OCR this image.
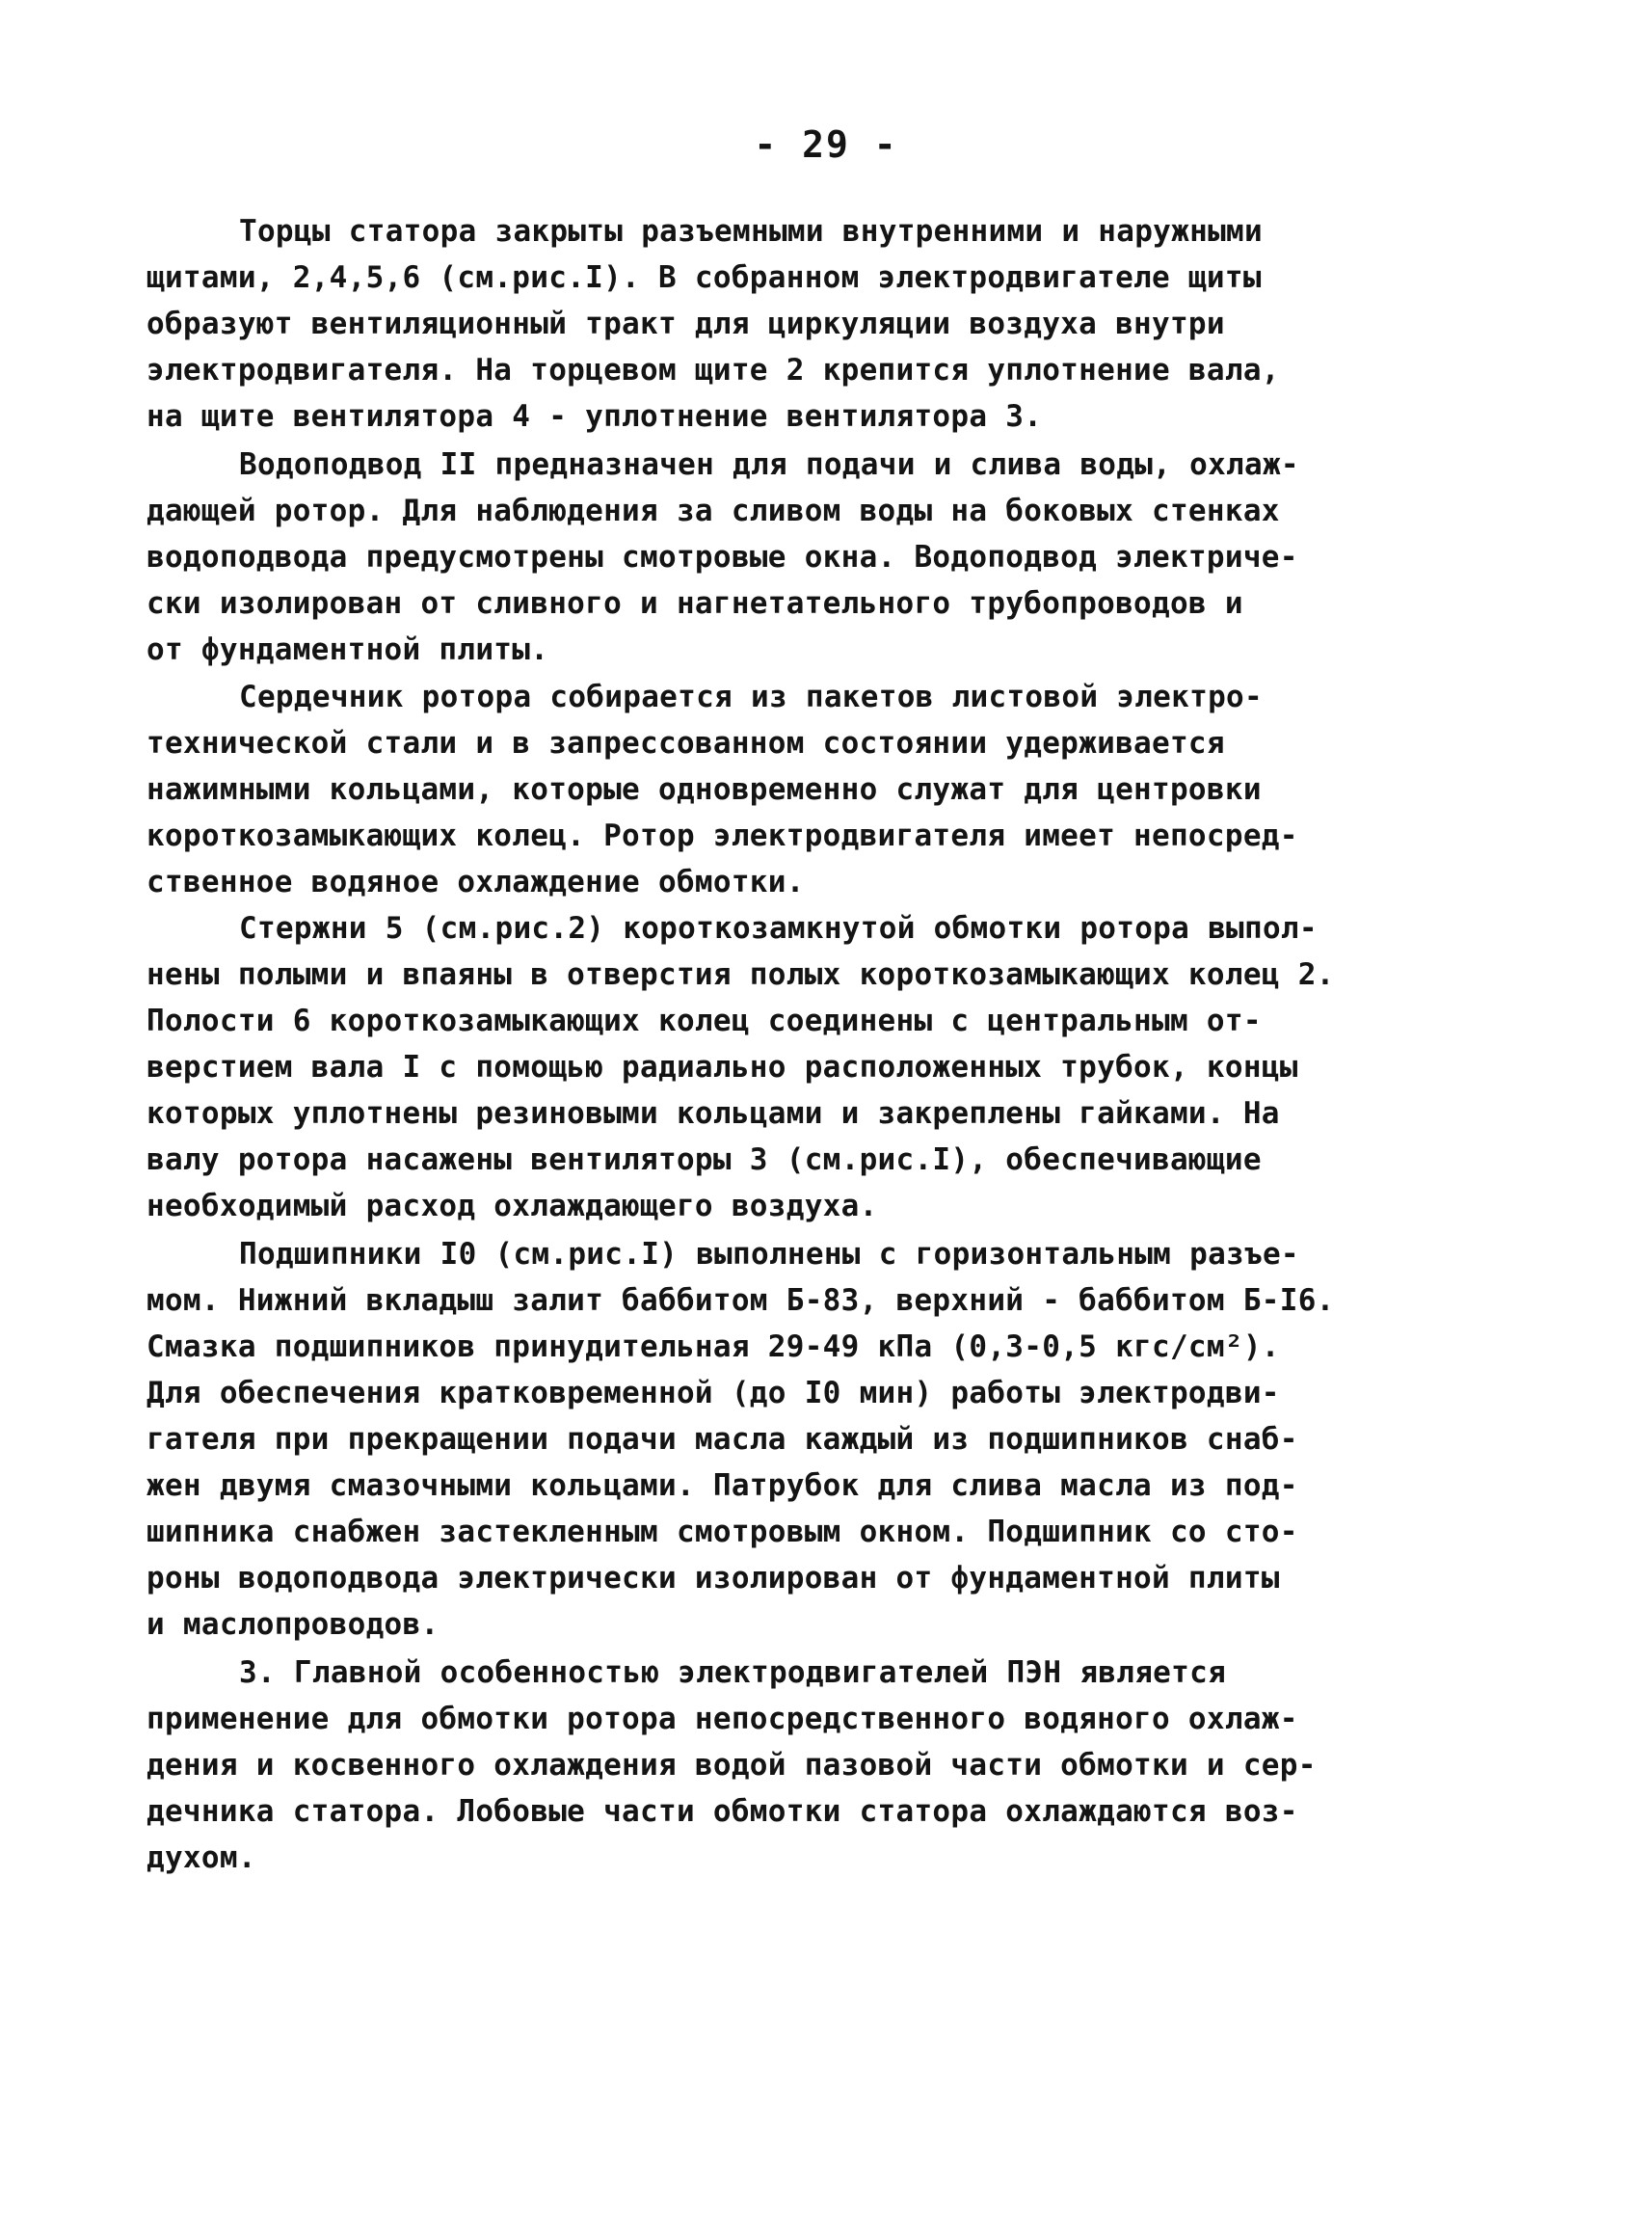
- 29 -
Торцы статора закрыты разъемными внутренними и наружными
щитами, 2,4,5,6 (см.рис.I). В собранном электродвигателе щиты
образуют вентиляционный тракт для циркуляции воздуха внутри
электродвигателя. На торцевом щите 2 крепится уплотнение вала,
на щите вентилятора 4 - уплотнение вентилятора 3.
Водоподвод II предназначен для подачи и слива воды, охлаж-
дающей ротор. Для наблюдения за сливом воды на боковых стенках
водоподвода предусмотрены смотровые окна. Водоподвод электриче-
ски изолирован от сливного и нагнетательного трубопроводов и
от фундаментной плиты.
Сердечник ротора собирается из пакетов листовой электро-
технической стали и в запрессованном состоянии удерживается
нажимными кольцами, которые одновременно служат для центровки
короткозамыкающих колец. Ротор электродвигателя имеет непосред-
ственное водяное охлаждение обмотки.
Стержни 5 (см.рис.2) короткозамкнутой обмотки ротора выпол-
нены полыми и впаяны в отверстия полых короткозамыкающих колец 2.
Полости 6 короткозамыкающих колец соединены с центральным от-
верстием вала I с помощью радиально расположенных трубок, концы
которых уплотнены резиновыми кольцами и закреплены гайками. На
валу ротора насажены вентиляторы 3 (см.рис.I), обеспечивающие
необходимый расход охлаждающего воздуха.
Подшипники I0 (см.рис.I) выполнены с горизонтальным разъе-
мом. Нижний вкладыш залит баббитом Б-83, верхний - баббитом Б-I6.
Смазка подшипников принудительная 29-49 кПа (0,3-0,5 кгс/см²).
Для обеспечения кратковременной (до I0 мин) работы электродви-
гателя при прекращении подачи масла каждый из подшипников снаб-
жен двумя смазочными кольцами. Патрубок для слива масла из под-
шипника снабжен застекленным смотровым окном. Подшипник со сто-
роны водоподвода электрически изолирован от фундаментной плиты
и маслопроводов.
3. Главной особенностью электродвигателей ПЭН является
применение для обмотки ротора непосредственного водяного охлаж-
дения и косвенного охлаждения водой пазовой части обмотки и сер-
дечника статора. Лобовые части обмотки статора охлаждаются воз-
духом.
